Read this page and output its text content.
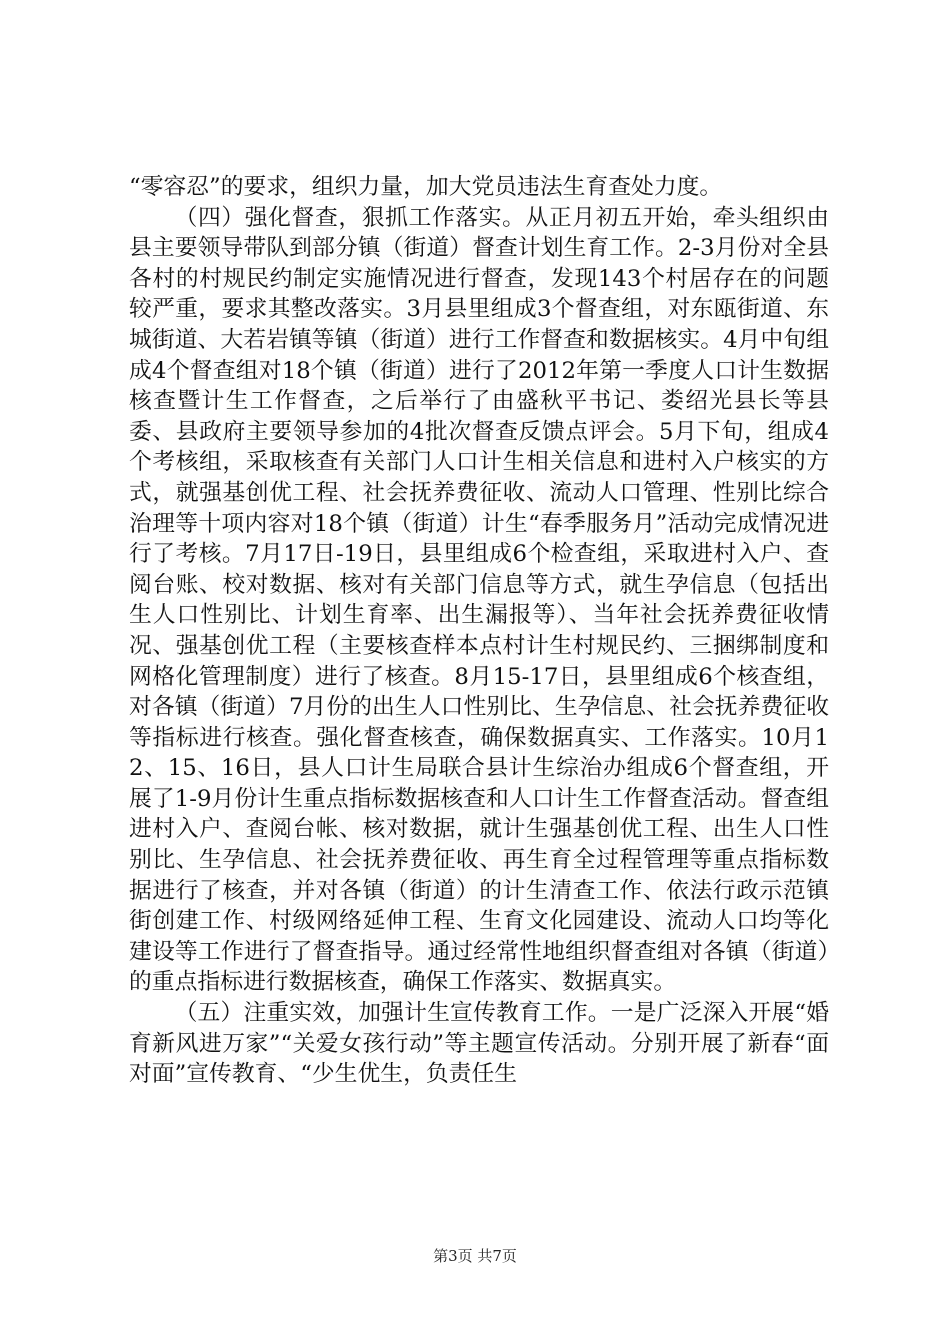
“零容忍”的要求，组织力量，加大党员违法生育查处力度。

（四）强化督查，狠抓工作落实。从正月初五开始，牵头组织由县主要领导带队到部分镇（街道）督查计划生育工作。2-3月份对全县各村的村规民约制定实施情况进行督查，发现143个村居存在的问题较严重，要求其整改落实。3月县里组成3个督查组，对东瓯街道、东城街道、大若岩镇等镇（街道）进行工作督查和数据核实。4月中旬组成4个督查组对18个镇（街道）进行了2012年第一季度人口计生数据核查暨计生工作督查，之后举行了由盛秋平书记、娄绍光县长等县委、县政府主要领导参加的4批次督查反馈点评会。5月下旬，组成4个考核组，采取核查有关部门人口计生相关信息和进村入户核实的方式，就强基创优工程、社会抚养费征收、流动人口管理、性别比综合治理等十项内容对18个镇（街道）计生“春季服务月”活动完成情况进行了考核。7月17日-19日，县里组成6个检查组，采取进村入户、查阅台账、校对数据、核对有关部门信息等方式，就生孕信息（包括出生人口性别比、计划生育率、出生漏报等）、当年社会抚养费征收情况、强基创优工程（主要核查样本点村计生村规民约、三捆绑制度和网格化管理制度）进行了核查。8月15-17日，县里组成6个核查组，对各镇（街道）7月份的出生人口性别比、生孕信息、社会抚养费征收等指标进行核查。强化督查核查，确保数据真实、工作落实。10月12、15、16日，县人口计生局联合县计生综治办组成6个督查组，开展了1-9月份计生重点指标数据核查和人口计生工作督查活动。督查组进村入户、查阅台帐、核对数据，就计生强基创优工程、出生人口性别比、生孕信息、社会抚养费征收、再生育全过程管理等重点指标数据进行了核查，并对各镇（街道）的计生清查工作、依法行政示范镇街创建工作、村级网络延伸工程、生育文化园建设、流动人口均等化建设等工作进行了督查指导。通过经常性地组织督查组对各镇（街道）的重点指标进行数据核查，确保工作落实、数据真实。

（五）注重实效，加强计生宣传教育工作。一是广泛深入开展“婚育新风进万家”“关爱女孩行动”等主题宣传活动。分别开展了新春“面对面”宣传教育、“少生优生，负责任生

第3页 共7页
